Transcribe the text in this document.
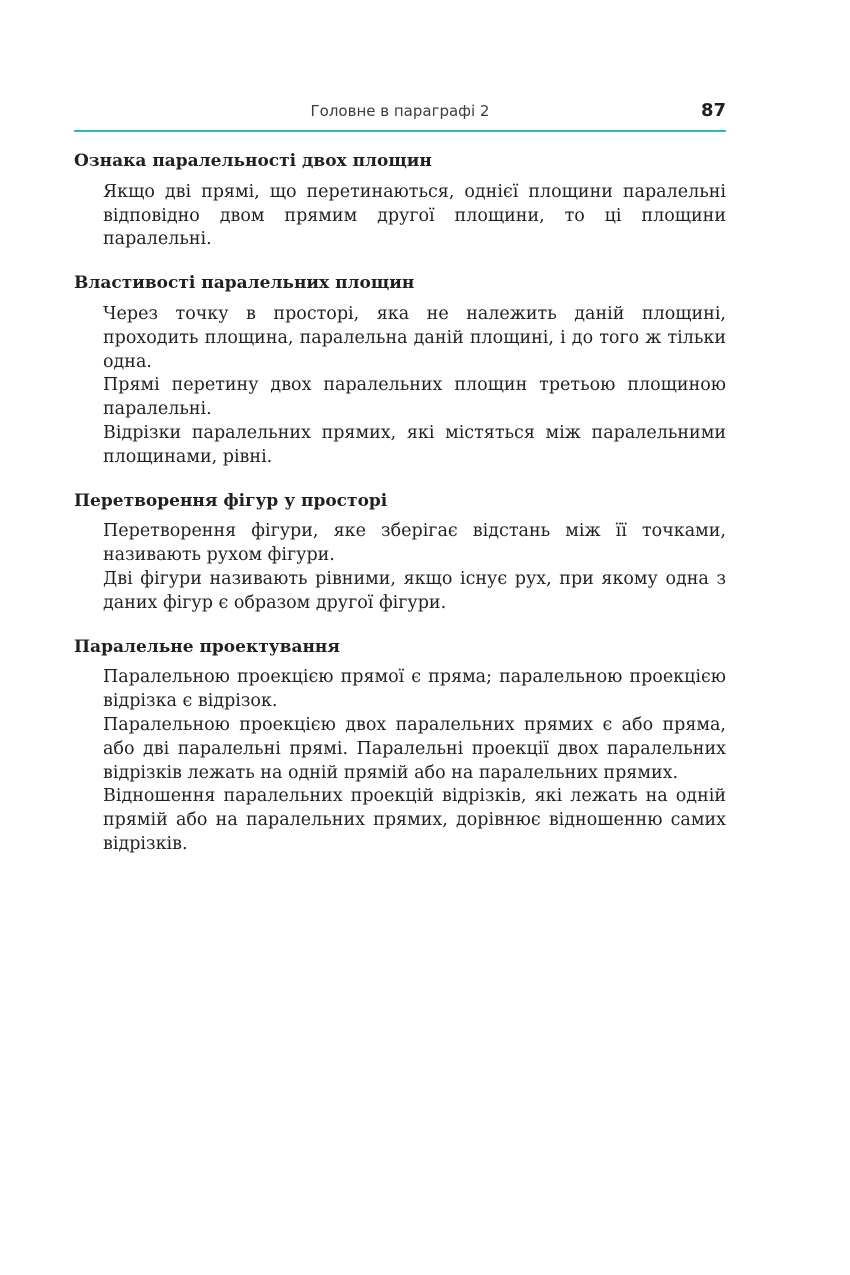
Головне в параграфі 2	87
Ознака паралельності двох площин

Якщо дві прямі, що перетинаються, однієї площини паралельні відповідно двом прямим другої площини, то ці площини паралельні.

Властивості паралельних площин

Через точку в просторі, яка не належить даній площині, проходить площина, паралельна даній площині, і до того ж тільки одна.

Прямі перетину двох паралельних площин третьою площиною паралельні.

Відрізки паралельних прямих, які містяться між паралельними площинами, рівні.

Перетворення фігур у просторі

Перетворення фігури, яке зберігає відстань між її точками, називають рухом фігури.

Дві фігури називають рівними, якщо існує рух, при якому одна з даних фігур є образом другої фігури.

Паралельне проектування

Паралельною проекцією прямої є пряма; паралельною проекцією відрізка є відрізок.

Паралельною проекцією двох паралельних прямих є або пряма, або дві паралельні прямі. Паралельні проекції двох паралельних відрізків лежать на одній прямій або на паралельних прямих.

Відношення паралельних проекцій відрізків, які лежать на одній прямій або на паралельних прямих, дорівнює відношенню самих відрізків.
